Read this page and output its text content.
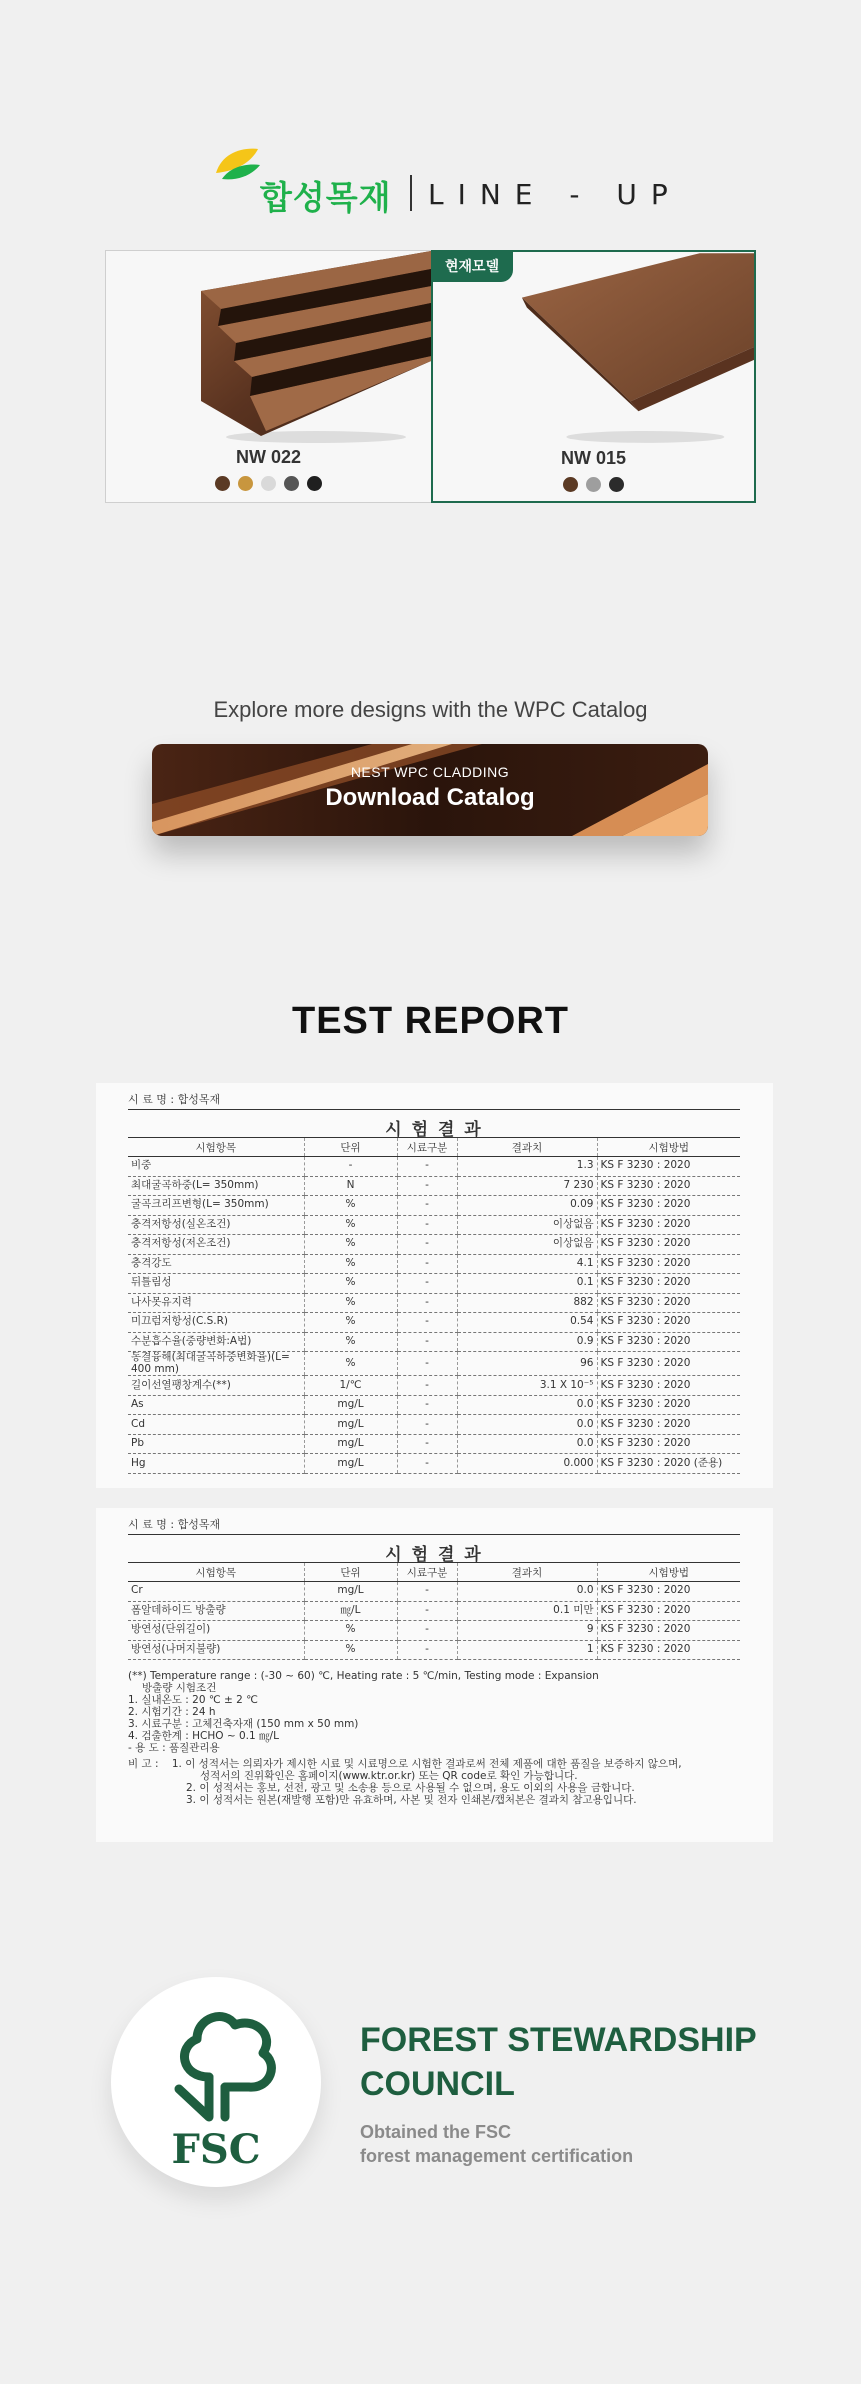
합성목재 LINE - UP
NW 022
현재모델
NW 015
Explore more designs with the WPC Catalog
NEST WPC CLADDING
Download Catalog
TEST REPORT
시 료 명 : 합성목재
시 험 결 과
시험항목	단위	시료구분	결과치	시험방법
비중	-	-	1.3	KS F 3230 : 2020
최대굴곡하중(L= 350mm)	N	-	7 230	KS F 3230 : 2020
굴곡크리프변형(L= 350mm)	%	-	0.09	KS F 3230 : 2020
충격저항성(실온조건)	%	-	이상없음	KS F 3230 : 2020
충격저항성(저온조건)	%	-	이상없음	KS F 3230 : 2020
충격강도	%	-	4.1	KS F 3230 : 2020
뒤틀림성	%	-	0.1	KS F 3230 : 2020
나사못유지력	%	-	882	KS F 3230 : 2020
미끄럼저항성(C.S.R)	%	-	0.54	KS F 3230 : 2020
수분흡수율(중량변화:A법)	%	-	0.9	KS F 3230 : 2020
동결융해(최대굴곡하중변화율)(L= 400 mm)	%	-	96	KS F 3230 : 2020
길이선열팽창계수(**)	1/℃	-	3.1 X 10⁻⁵	KS F 3230 : 2020
As	mg/L	-	0.0	KS F 3230 : 2020
Cd	mg/L	-	0.0	KS F 3230 : 2020
Pb	mg/L	-	0.0	KS F 3230 : 2020
Hg	mg/L	-	0.000	KS F 3230 : 2020 (준용)
시 료 명 : 합성목재
시 험 결 과
시험항목	단위	시료구분	결과치	시험방법
Cr	mg/L	-	0.0	KS F 3230 : 2020
폼알데하이드 방출량	㎎/L	-	0.1 미만	KS F 3230 : 2020
방연성(단위길이)	%	-	9	KS F 3230 : 2020
방연성(나머지불량)	%	-	1	KS F 3230 : 2020
(**) Temperature range : (-30 ~ 60) ℃, Heating rate : 5 ℃/min, Testing mode : Expansion
방출량 시험조건
1. 실내온도 : 20 ℃ ± 2 ℃
2. 시험기간 : 24 h
3. 시료구분 : 고체건축자재 (150 mm x 50 mm)
4. 검출한계 : HCHO ~ 0.1 ㎎/L
- 용 도 : 품질관리용
비 고 : 1. 이 성적서는 의뢰자가 제시한 시료 및 시료명으로 시험한 결과로써 전체 제품에 대한 품질을 보증하지 않으며,
성적서의 진위확인은 홈페이지(www.ktr.or.kr) 또는 QR code로 확인 가능합니다.
2. 이 성적서는 홍보, 선전, 광고 및 소송용 등으로 사용될 수 없으며, 용도 이외의 사용을 금합니다.
3. 이 성적서는 원본(재발행 포함)만 유효하며, 사본 및 전자 인쇄본/캡처본은 결과치 참고용입니다.
FSC
FOREST STEWARDSHIP COUNCIL
Obtained the FSC
forest management certification
